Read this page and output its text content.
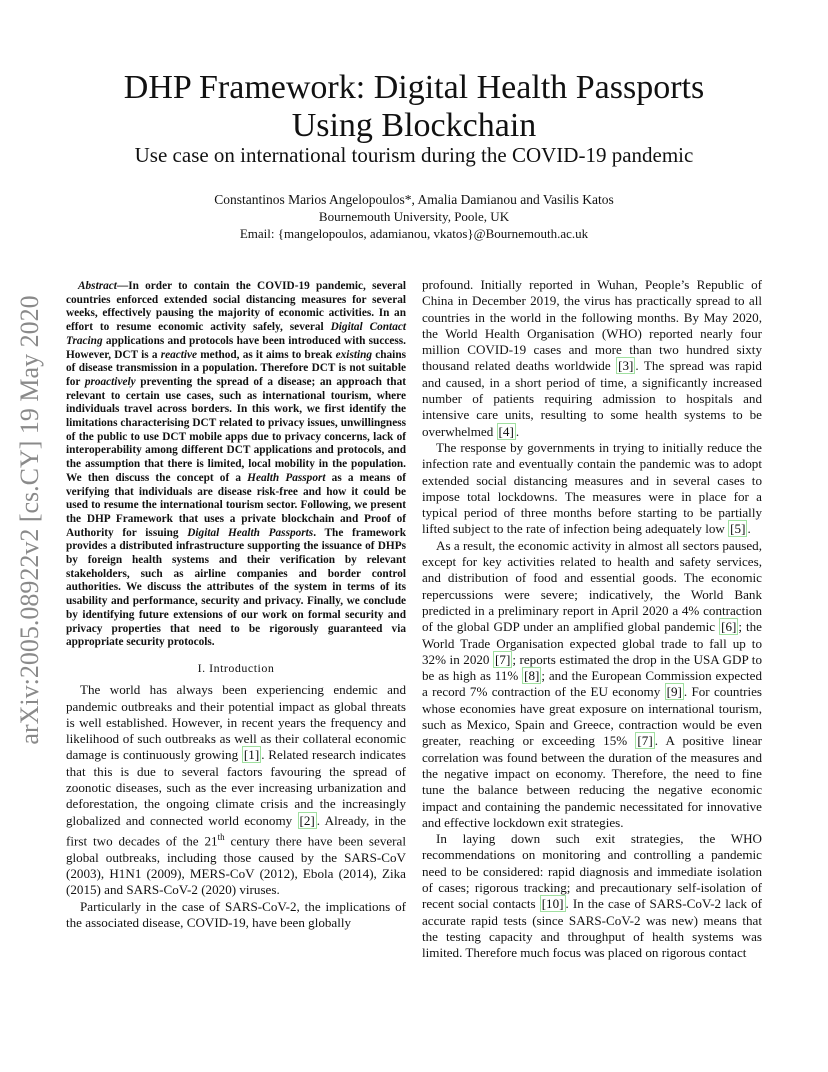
DHP Framework: Digital Health Passports
Using Blockchain
Use case on international tourism during the COVID-19 pandemic
Constantinos Marios Angelopoulos*, Amalia Damianou and Vasilis Katos
Bournemouth University, Poole, UK
Email: {mangelopoulos, adamianou, vkatos}@Bournemouth.ac.uk
arXiv:2005.08922v2 [cs.CY] 19 May 2020

Abstract—In order to contain the COVID-19 pandemic, several countries enforced extended social distancing measures for several weeks, effectively pausing the majority of economic activities. In an effort to resume economic activity safely, several Digital Contact Tracing applications and protocols have been introduced with success. However, DCT is a reactive method, as it aims to break existing chains of disease transmission in a population. Therefore DCT is not suitable for proactively preventing the spread of a disease; an approach that relevant to certain use cases, such as international tourism, where individuals travel across borders. In this work, we first identify the limitations characterising DCT related to privacy issues, unwillingness of the public to use DCT mobile apps due to privacy concerns, lack of interoperability among different DCT applications and protocols, and the assumption that there is limited, local mobility in the population. We then discuss the concept of a Health Passport as a means of verifying that individuals are disease risk-free and how it could be used to resume the international tourism sector. Following, we present the DHP Framework that uses a private blockchain and Proof of Authority for issuing Digital Health Passports. The framework provides a distributed infrastructure supporting the issuance of DHPs by foreign health systems and their verification by relevant stakeholders, such as airline companies and border control authorities. We discuss the attributes of the system in terms of its usability and performance, security and privacy. Finally, we conclude by identifying future extensions of our work on formal security and privacy properties that need to be rigorously guaranteed via appropriate security protocols.

I. Introduction

The world has always been experiencing endemic and pandemic outbreaks and their potential impact as global threats is well established. However, in recent years the frequency and likelihood of such outbreaks as well as their collateral economic damage is continuously growing [1] . Related research indicates that this is due to several factors favouring the spread of zoonotic diseases, such as the ever increasing urbanization and deforestation, the ongoing climate crisis and the increasingly globalized and connected world economy [2] . Already, in the first two decades of the 21th century there have been several global outbreaks, including those caused by the SARS-CoV (2003), H1N1 (2009), MERS-CoV (2012), Ebola (2014), Zika (2015) and SARS-CoV-2 (2020) viruses.

Particularly in the case of SARS-CoV-2, the implications of the associated disease, COVID-19, have been globally

profound. Initially reported in Wuhan, People’s Republic of China in December 2019, the virus has practically spread to all countries in the world in the following months. By May 2020, the World Health Organisation (WHO) reported nearly four million COVID-19 cases and more than two hundred sixty thousand related deaths worldwide [3] . The spread was rapid and caused, in a short period of time, a significantly increased number of patients requiring admission to hospitals and intensive care units, resulting to some health systems to be overwhelmed [4] .

The response by governments in trying to initially reduce the infection rate and eventually contain the pandemic was to adopt extended social distancing measures and in several cases to impose total lockdowns. The measures were in place for a typical period of three months before starting to be partially lifted subject to the rate of infection being adequately low [5] .

As a result, the economic activity in almost all sectors paused, except for key activities related to health and safety services, and distribution of food and essential goods. The economic repercussions were severe; indicatively, the World Bank predicted in a preliminary report in April 2020 a 4% contraction of the global GDP under an amplified global pandemic [6] ; the World Trade Organisation expected global trade to fall up to 32% in 2020 [7] ; reports estimated the drop in the USA GDP to be as high as 11% [8] ; and the European Commission expected a record 7% contraction of the EU economy [9] . For countries whose economies have great exposure on international tourism, such as Mexico, Spain and Greece, contraction would be even greater, reaching or exceeding 15% [7] . A positive linear correlation was found between the duration of the measures and the negative impact on economy. Therefore, the need to fine tune the balance between reducing the negative economic impact and containing the pandemic necessitated for innovative and effective lockdown exit strategies.

In laying down such exit strategies, the WHO recommendations on monitoring and controlling a pandemic need to be considered: rapid diagnosis and immediate isolation of cases; rigorous tracking; and precautionary self-isolation of recent social contacts [10] . In the case of SARS-CoV-2 lack of accurate rapid tests (since SARS-CoV-2 was new) means that the testing capacity and throughput of health systems was limited. Therefore much focus was placed on rigorous contact
